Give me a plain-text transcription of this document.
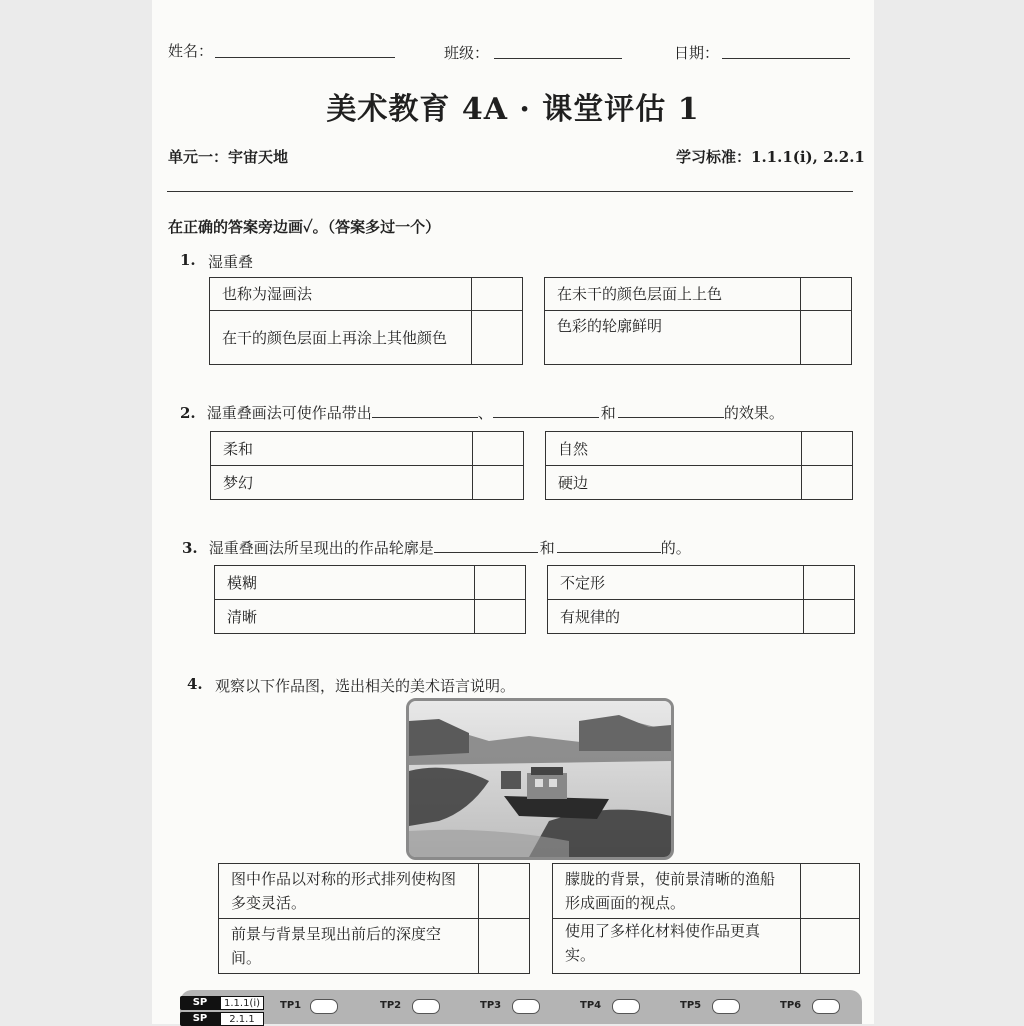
姓名：	班级：	日期：
美术教育 4A · 课堂评估 1
单元一：宇宙天地	学习标准：1.1.1(i), 2.2.1
在正确的答案旁边画✓。（答案多过一个）
1. 湿重叠
也称为湿画法	
在干的颜色层面上再涂上其他颜色	
在未干的颜色层面上上色	
色彩的轮廓鲜明	
2. 湿重叠画法可使作品带出	、	和	的效果。
柔和	
梦幻	
自然	
硬边	
3. 湿重叠画法所呈现出的作品轮廓是	和	的。
模糊	
清晰	
不定形	
有规律的	
4. 观察以下作品图，选出相关的美术语言说明。
图中作品以对称的形式排列使构图多变灵活。	
前景与背景呈现出前后的深度空间。	
朦胧的背景，使前景清晰的渔船形成画面的视点。	
使用了多样化材料使作品更真实。	
SP	1.1.1(i)
SP	2.1.1
TP1	TP2	TP3	TP4	TP5	TP6
